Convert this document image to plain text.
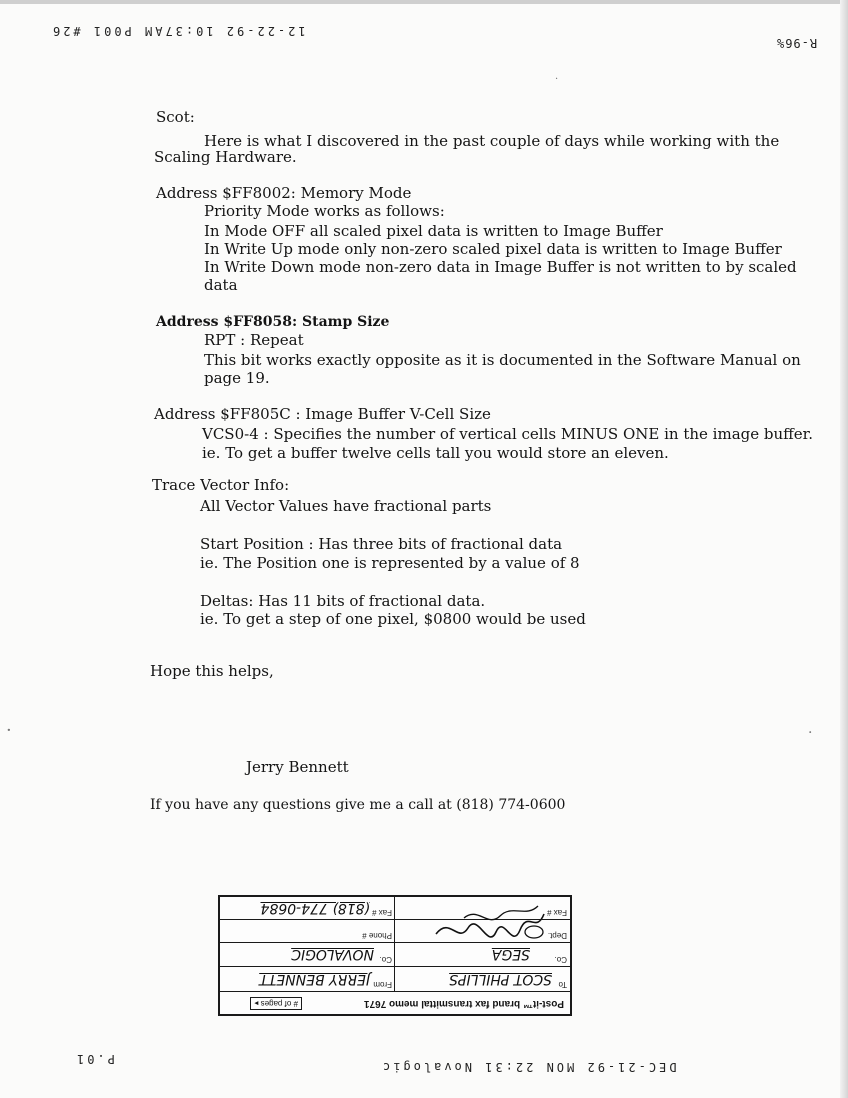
12-22-92 10:37AM P001 #26
R-96%
Scot:
Here is what I discovered in the past couple of days while working with the
Scaling Hardware.
Address $FF8002: Memory Mode
Priority Mode works as follows:
In Mode OFF all scaled pixel data is written to Image Buffer
In Write Up mode only non-zero scaled pixel data is written to Image Buffer
In Write Down mode non-zero data in Image Buffer is not written to by scaled
data
Address $FF8058: Stamp Size
RPT : Repeat
This bit works exactly opposite as it is documented in the Software Manual on
page 19.
Address $FF805C : Image Buffer V-Cell Size
VCS0-4 : Specifies the number of vertical cells MINUS ONE in the image buffer.
ie. To get a buffer twelve cells tall you would store an eleven.
Trace Vector Info:
All Vector Values have fractional parts
Start Position : Has three bits of fractional data
ie. The Position one is represented by a value of 8
Deltas: Has 11 bits of fractional data.
ie. To get a step of one pixel, $0800 would be used
Hope this helps,
Jerry Bennett
If you have any questions give me a call at (818) 774-0600
·
·	·
Post-it™ brand fax transmittal memo 7671
# of pages ▸
To
SCOT PHILLIPS
From
JERRY BENNETT
Co.
SEGA
Co.
NOVALOGIC
Dept.
Phone #
Fax #
Fax #
(818) 774-0684
DEC-21-92 MON 22:31 Novalogic
P.01
